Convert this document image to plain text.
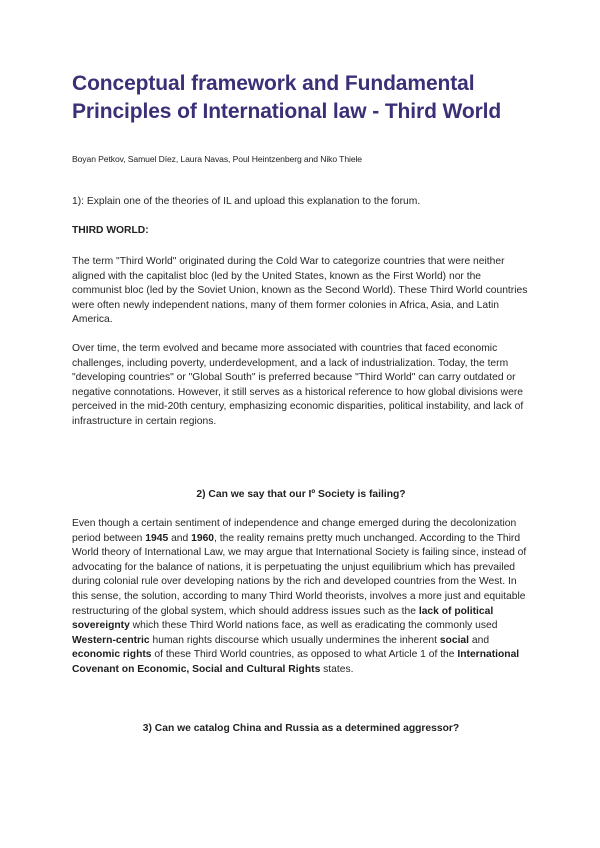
Conceptual framework and Fundamental Principles of International law - Third World
Boyan Petkov, Samuel Díez, Laura Navas, Poul Heintzenberg and Niko Thiele

1): Explain one of the theories of IL and upload this explanation to the forum.

THIRD WORLD:

The term "Third World" originated during the Cold War to categorize countries that were neither aligned with the capitalist bloc (led by the United States, known as the First World) nor the communist bloc (led by the Soviet Union, known as the Second World). These Third World countries were often newly independent nations, many of them former colonies in Africa, Asia, and Latin America.

Over time, the term evolved and became more associated with countries that faced economic challenges, including poverty, underdevelopment, and a lack of industrialization. Today, the term "developing countries" or "Global South" is preferred because "Third World" can carry outdated or negative connotations. However, it still serves as a historical reference to how global divisions were perceived in the mid-20th century, emphasizing economic disparities, political instability, and lack of infrastructure in certain regions.

2) Can we say that our Iº Society is failing?

Even though a certain sentiment of independence and change emerged during the decolonization period between 1945 and 1960, the reality remains pretty much unchanged. According to the Third World theory of International Law, we may argue that International Society is failing since, instead of advocating for the balance of nations, it is perpetuating the unjust equilibrium which has prevailed during colonial rule over developing nations by the rich and developed countries from the West. In this sense, the solution, according to many Third World theorists, involves a more just and equitable restructuring of the global system, which should address issues such as the lack of political sovereignty which these Third World nations face, as well as eradicating the commonly used Western-centric human rights discourse which usually undermines the inherent social and economic rights of these Third World countries, as opposed to what Article 1 of the International Covenant on Economic, Social and Cultural Rights states.

3) Can we catalog China and Russia as a determined aggressor?
